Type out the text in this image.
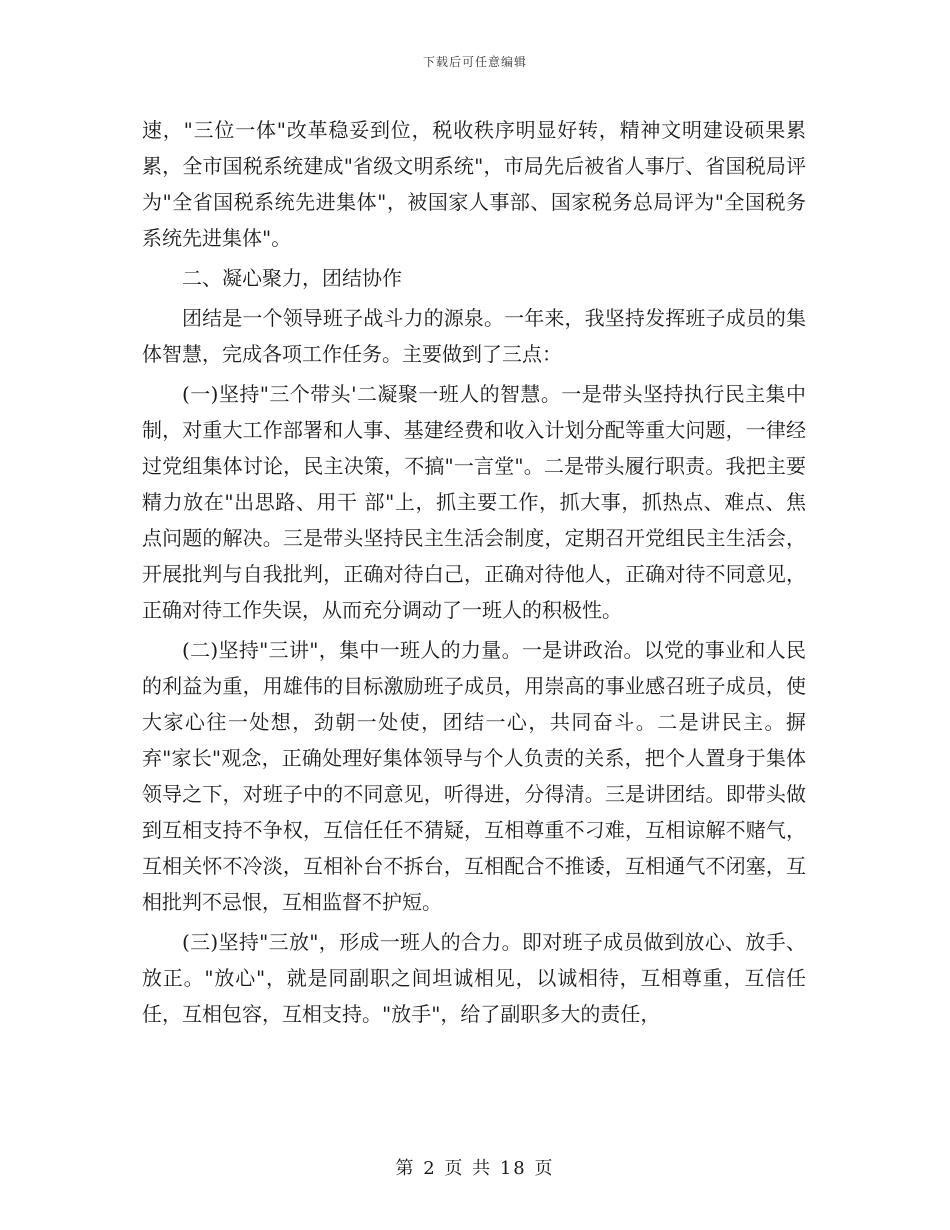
下载后可任意编辑

速，"三位一体"改革稳妥到位，税收秩序明显好转，精神文明建设硕果累累，全市国税系统建成"省级文明系统"，市局先后被省人事厅、省国税局评为"全省国税系统先进集体"，被国家人事部、国家税务总局评为"全国税务系统先进集体"。

二、凝心聚力，团结协作

团结是一个领导班子战斗力的源泉。一年来，我坚持发挥班子成员的集体智慧，完成各项工作任务。主要做到了三点：

(一)坚持"三个带头'二凝聚一班人的智慧。一是带头坚持执行民主集中制，对重大工作部署和人事、基建经费和收入计划分配等重大问题，一律经过党组集体讨论，民主决策，不搞"一言堂"。二是带头履行职责。我把主要精力放在"出思路、用干 部"上，抓主要工作，抓大事，抓热点、难点、焦点问题的解决。三是带头坚持民主生活会制度，定期召开党组民主生活会，开展批判与自我批判，正确对待白己，正确对待他人，正确对待不同意见，正确对待工作失误，从而充分调动了一班人的积极性。

(二)坚持"三讲"，集中一班人的力量。一是讲政治。以党的事业和人民的利益为重，用雄伟的目标激励班子成员，用崇高的事业感召班子成员，使大家心往一处想，劲朝一处使，团结一心，共同奋斗。二是讲民主。摒弃"家长"观念，正确处理好集体领导与个人负责的关系，把个人置身于集体领导之下，对班子中的不同意见，听得进，分得清。三是讲团结。即带头做到互相支持不争权，互信任任不猜疑，互相尊重不刁难，互相谅解不赌气，互相关怀不冷淡，互相补台不拆台，互相配合不推诿，互相通气不闭塞，互相批判不忌恨，互相监督不护短。

(三)坚持"三放"，形成一班人的合力。即对班子成员做到放心、放手、放正。"放心"，就是同副职之间坦诚相见，以诚相待，互相尊重，互信任任，互相包容，互相支持。"放手"，给了副职多大的责任，

第 2 页 共 18 页
